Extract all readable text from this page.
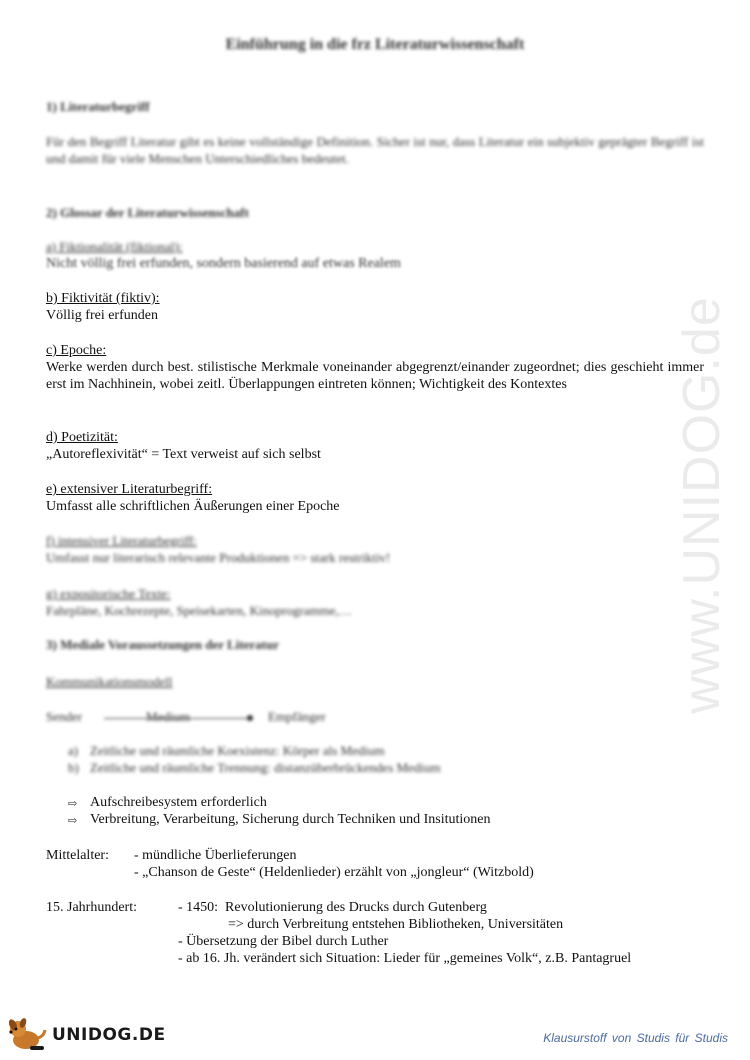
www.UNIDOG.de
Einführung in die frz Literaturwissenschaft
1) Literaturbegriff
Für den Begriff Literatur gibt es keine vollständige Definition. Sicher ist nur, dass Literatur ein subjektiv geprägter Begriff ist und damit für viele Menschen Unterschiedliches bedeutet.
2) Glossar der Literaturwissenschaft
a) Fiktionalität (fiktional):
Nicht völlig frei erfunden, sondern basierend auf etwas Realem
b) Fiktivität (fiktiv):
Völlig frei erfunden
c) Epoche:
Werke werden durch best. stilistische Merkmale voneinander abgegrenzt/einander zugeordnet; dies geschieht immer erst im Nachhinein, wobei zeitl. Überlappungen eintreten können; Wichtigkeit des Kontextes
d) Poetizität:
„Autoreflexivität“ = Text verweist auf sich selbst
e) extensiver Literaturbegriff:
Umfasst alle schriftlichen Äußerungen einer Epoche
f) intensiver Literaturbegriff:
Umfasst nur literarisch relevante Produktionen => stark restriktiv!
g) expositorische Texte:
Fahrpläne, Kochrezepte, Speisekarten, Kinoprogramme,…
3) Mediale Voraussetzungen der Literatur
Kommunikationsmodell
Sender	Medium	Empfänger
a) Zeitliche und räumliche Koexistenz: Körper als Medium
b) Zeitliche und räumliche Trennung: distanzüberbrückendes Medium
⇨ Aufschreibesystem erforderlich
⇨ Verbreitung, Verarbeitung, Sicherung durch Techniken und Insitutionen
Mittelalter: - mündliche Überlieferungen
- „Chanson de Geste“ (Heldenlieder) erzählt von „jongleur“ (Witzbold)
15. Jahrhundert:	- 1450:  Revolutionierung des Drucks durch Gutenberg
=> durch Verbreitung entstehen Bibliotheken, Universitäten
- Übersetzung der Bibel durch Luther
- ab 16. Jh. verändert sich Situation: Lieder für „gemeines Volk“, z.B. Pantagruel
UNIDOG.DE	Klausurstoff von Studis für Studis
